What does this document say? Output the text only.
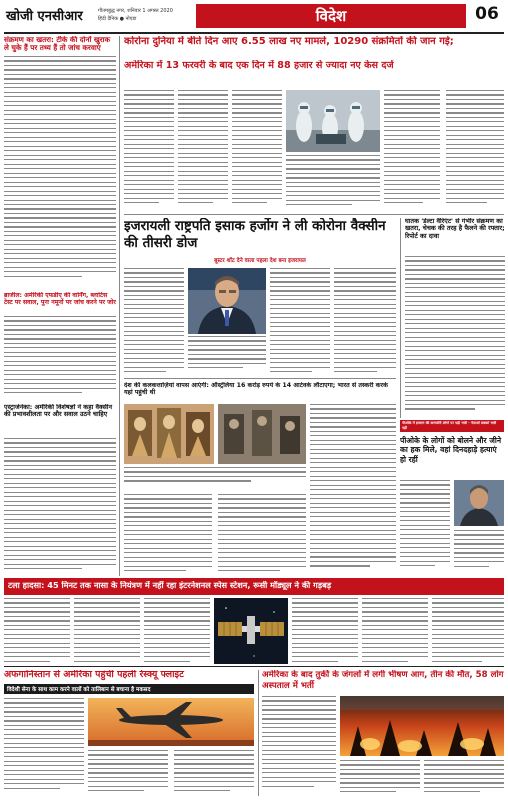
खोजी एनसीआर	गौतमबुद्ध नगर, शनिवार 1 अगस्त 2020
हिंदी दैनिक ● नोएडा	विदेश	06
संक्रमण का खतरा: टीके की दोनों खुराक ले चुके हैं पर तथ्य हैं तो जांच करवाएं
ब्राजील: अमेरिकी एफडीए की वार्निंग, ब्लाटिस टेस्ट पर सवाल, पुनः नमूनों पर जांच करने पर जोर
एस्ट्राजेनेका: अमेरिकी विशेषज्ञों ने कहा वैक्सीन की प्रभावशीलता पर और सवाल उठने चाहिए
कोरोना दुनिया में बीते दिन आए 6.55 लाख नए मामले, 10290 संक्रमितों की जान गई;
अमेरिका में 13 फरवरी के बाद एक दिन में 88 हजार से ज्यादा नए केस दर्ज
इजरायली राष्ट्रपति इसाक हर्जोग ने ली कोरोना वैक्सीन की तीसरी डोज
बूस्टर शॉट देने वाला पहला देश बना इजरायल
घातक 'डेल्टा वैरिएंट' से गंभीर संक्रमण का खतरा, चेचक की तरह है फैलने की रफ्तार; रिपोर्ट का दावा
देश की कलकत्ताज़ियां वापस आएंगी: ऑस्ट्रेलिया 16 करोड़ रुपये के 14 आर्टवर्क लौटाएगा; भारत से तस्करी करके यहां पहुंची थी
पीओके में इमरान की कमजोरी लोगों पर पड़ी भारी - नेताओं सबको भारी पड़ी
पीओके के लोगों को बोलने और जीने का हक मिले, वहां दिनदहाड़े हत्याएं हो रहीं
टला हादसा: 45 मिनट तक नासा के नियंत्रण में नहीं रहा इंटरनेशनल स्पेस स्टेशन, रूसी मॉड्यूल ने की गड़बड़
अफगानिस्तान से अमेरिका पहुंची पहली रेस्क्यू फ्लाइट
विदेशी सेना के साथ काम करने वालों को तालिबान से बचाना है मकसद
अमेरिका के बाद तुर्की के जंगलों में लगी भीषण आग, तीन की मौत, 58 लोग अस्पताल में भर्ती
